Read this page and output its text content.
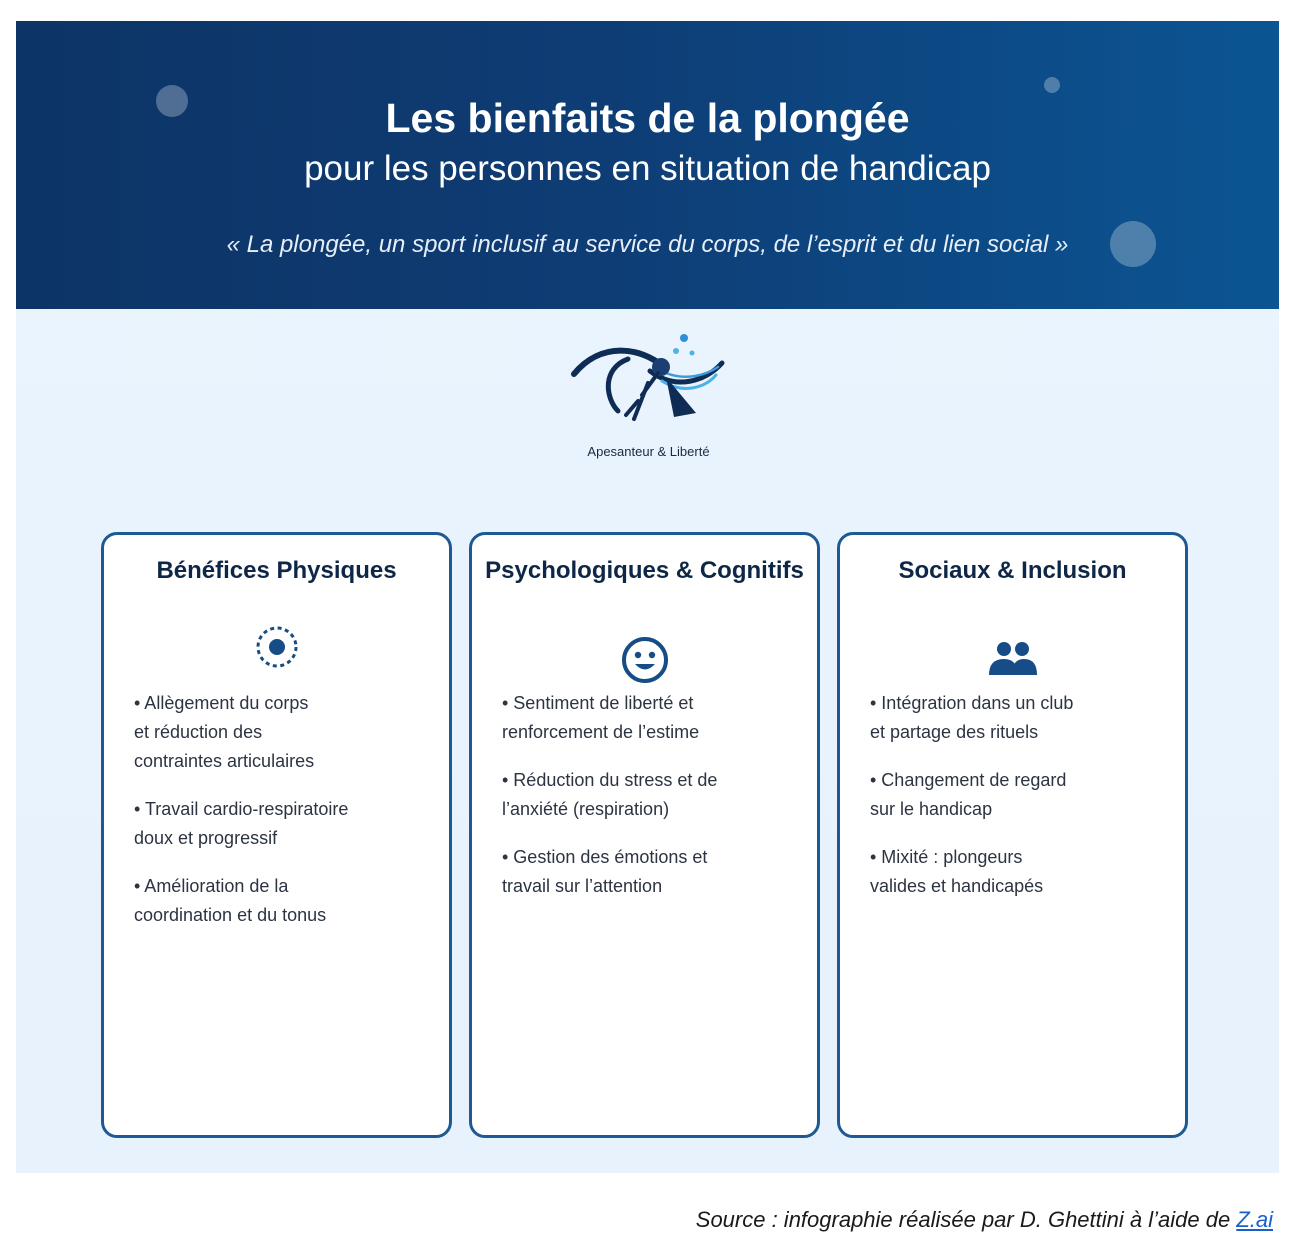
Les bienfaits de la plongée
pour les personnes en situation de handicap
« La plongée, un sport inclusif au service du corps, de l’esprit et du lien social »
Apesanteur & Liberté
Bénéfices Physiques
• Allègement du corps
et réduction des
contraintes articulaires
• Travail cardio-respiratoire
doux et progressif
• Amélioration de la
coordination et du tonus
Psychologiques & Cognitifs
• Sentiment de liberté et
renforcement de l’estime
• Réduction du stress et de
l’anxiété (respiration)
• Gestion des émotions et
travail sur l’attention
Sociaux & Inclusion
• Intégration dans un club
et partage des rituels
• Changement de regard
sur le handicap
• Mixité : plongeurs
valides et handicapés
Source : infographie réalisée par D. Ghettini à l’aide de Z.ai
